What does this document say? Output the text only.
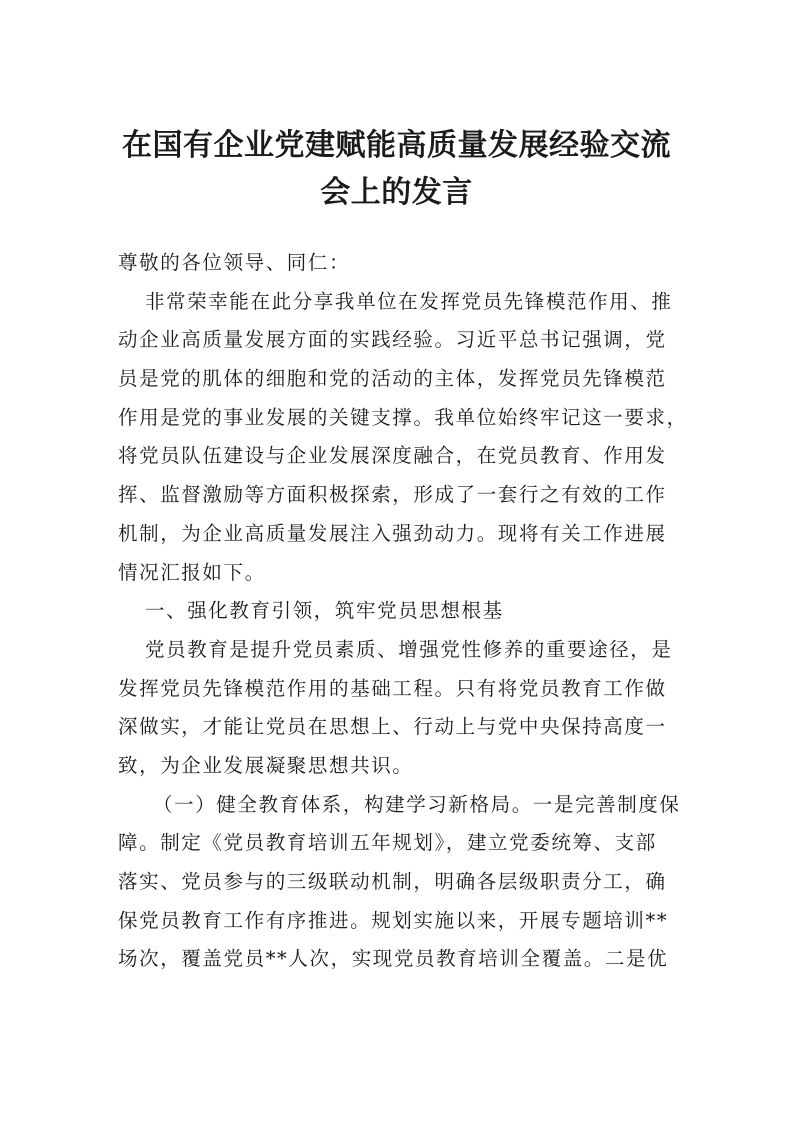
在国有企业党建赋能高质量发展经验交流
会上的发言
尊敬的各位领导、同仁：
非常荣幸能在此分享我单位在发挥党员先锋模范作用、推
动企业高质量发展方面的实践经验。习近平总书记强调，党
员是党的肌体的细胞和党的活动的主体，发挥党员先锋模范
作用是党的事业发展的关键支撑。我单位始终牢记这一要求，
将党员队伍建设与企业发展深度融合，在党员教育、作用发
挥、监督激励等方面积极探索，形成了一套行之有效的工作
机制，为企业高质量发展注入强劲动力。现将有关工作进展
情况汇报如下。
一、强化教育引领，筑牢党员思想根基
党员教育是提升党员素质、增强党性修养的重要途径，是
发挥党员先锋模范作用的基础工程。只有将党员教育工作做
深做实，才能让党员在思想上、行动上与党中央保持高度一
致，为企业发展凝聚思想共识。
（一）健全教育体系，构建学习新格局。一是完善制度保
障。制定《党员教育培训五年规划》，建立党委统筹、支部
落实、党员参与的三级联动机制，明确各层级职责分工，确
保党员教育工作有序推进。规划实施以来，开展专题培训**
场次，覆盖党员**人次，实现党员教育培训全覆盖。二是优
